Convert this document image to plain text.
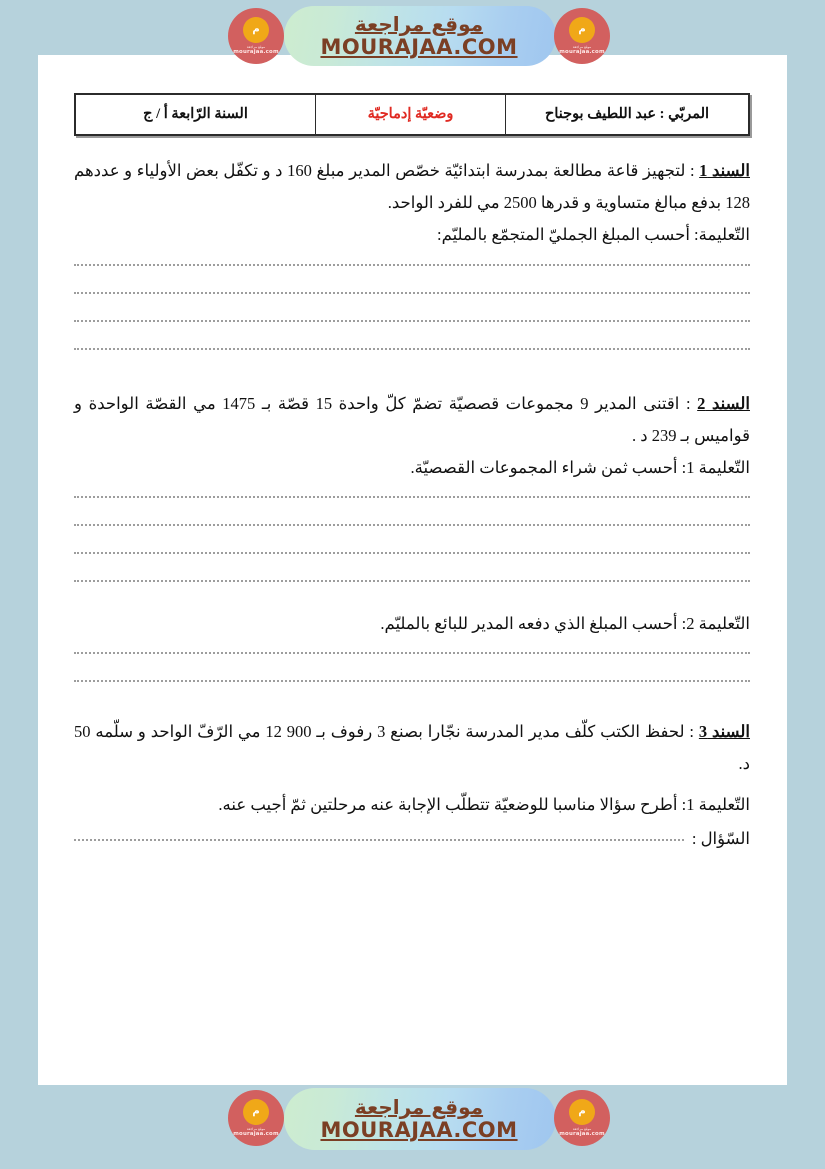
المربّي : عبد اللطيف بوجناح
وضعيّة إدماجيّة
السنة الرّابعة أ / ج

السند 1 : لتجهيز قاعة مطالعة بمدرسة ابتدائيّة خصّص المدير مبلغ 160 د و تكفّل بعض الأولياء و عددهم 128 بدفع مبالغ متساوية و قدرها 2500 مي للفرد الواحد.

التّعليمة: أحسب المبلغ الجمليّ المتجمّع بالمليّم:

السند 2 : اقتنى المدير 9 مجموعات قصصيّة تضمّ كلّ واحدة 15 قصّة بـ 1475 مي القصّة الواحدة و قواميس بـ 239 د .

التّعليمة 1: أحسب ثمن شراء المجموعات القصصيّة.

التّعليمة 2: أحسب المبلغ الذي دفعه المدير للبائع بالمليّم.

السند 3 : لحفظ الكتب كلّف مدير المدرسة نجّارا بصنع 3 رفوف بـ 900 12 مي الرّفّ الواحد و سلّمه 50 د.

التّعليمة 1: أطرح سؤالا مناسبا للوضعيّة تتطلّب الإجابة عنه مرحلتين ثمّ أجيب عنه.

السّؤال :
م
موقع مراجعة
mourajaa.com
موقع مراجعة
MOURAJAA.COM
م
موقع مراجعة
mourajaa.com
م
موقع مراجعة
mourajaa.com
موقع مراجعة
MOURAJAA.COM
م
موقع مراجعة
mourajaa.com
